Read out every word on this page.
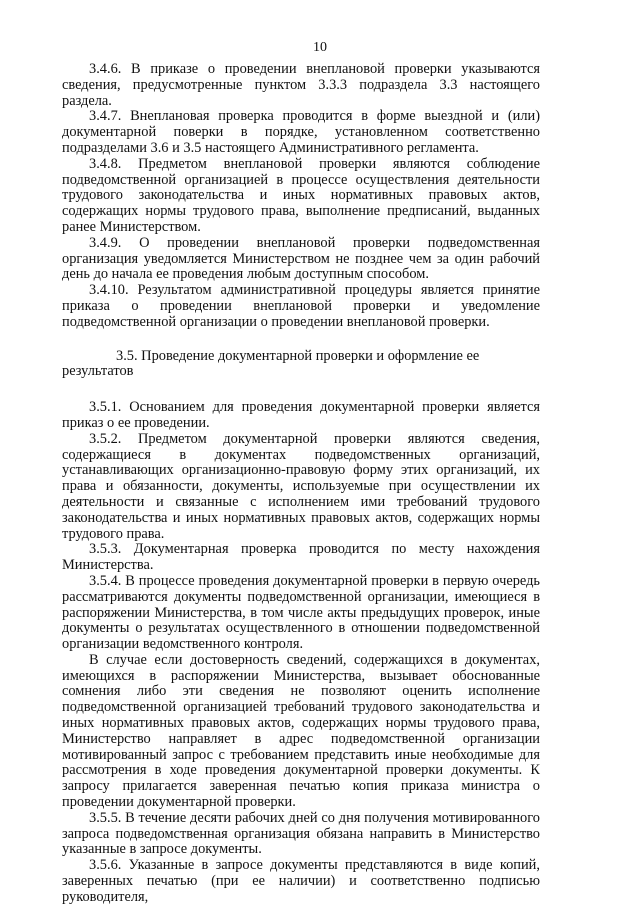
10

3.4.6. В приказе о проведении внеплановой проверки указываются сведения, предусмотренные пунктом 3.3.3 подраздела 3.3 настоящего раздела.

3.4.7. Внеплановая проверка проводится в форме выездной и (или) документарной поверки в порядке, установленном соответственно подразделами 3.6 и 3.5 настоящего Административного регламента.

3.4.8. Предметом внеплановой проверки являются соблюдение подведомственной организацией в процессе осуществления деятельности трудового законодательства и иных нормативных правовых актов, содержащих нормы трудового права, выполнение предписаний, выданных ранее Министерством.

3.4.9. О проведении внеплановой проверки подведомственная организация уведомляется Министерством не позднее чем за один рабочий день до начала ее проведения любым доступным способом.

3.4.10. Результатом административной процедуры является принятие приказа о проведении внеплановой проверки и уведомление подведомственной организации о проведении внеплановой проверки.

3.5. Проведение документарной проверки и оформление ее результатов

3.5.1. Основанием для проведения документарной проверки является приказ о ее проведении.

3.5.2. Предметом документарной проверки являются сведения, содержащиеся в документах подведомственных организаций, устанавливающих организационно-правовую форму этих организаций, их права и обязанности, документы, используемые при осуществлении их деятельности и связанные с исполнением ими требований трудового законодательства и иных нормативных правовых актов, содержащих нормы трудового права.

3.5.3. Документарная проверка проводится по месту нахождения Министерства.

3.5.4. В процессе проведения документарной проверки в первую очередь рассматриваются документы подведомственной организации, имеющиеся в распоряжении Министерства, в том числе акты предыдущих проверок, иные документы о результатах осуществленного в отношении подведомственной организации ведомственного контроля.

В случае если достоверность сведений, содержащихся в документах, имеющихся в распоряжении Министерства, вызывает обоснованные сомнения либо эти сведения не позволяют оценить исполнение подведомственной организацией требований трудового законодательства и иных нормативных правовых актов, содержащих нормы трудового права, Министерство направляет в адрес подведомственной организации мотивированный запрос с требованием представить иные необходимые для рассмотрения в ходе проведения документарной проверки документы. К запросу прилагается заверенная печатью копия приказа министра о проведении документарной проверки.

3.5.5. В течение десяти рабочих дней со дня получения мотивированного запроса подведомственная организация обязана направить в Министерство указанные в запросе документы.

3.5.6. Указанные в запросе документы представляются в виде копий, заверенных печатью (при ее наличии) и соответственно подписью руководителя,
